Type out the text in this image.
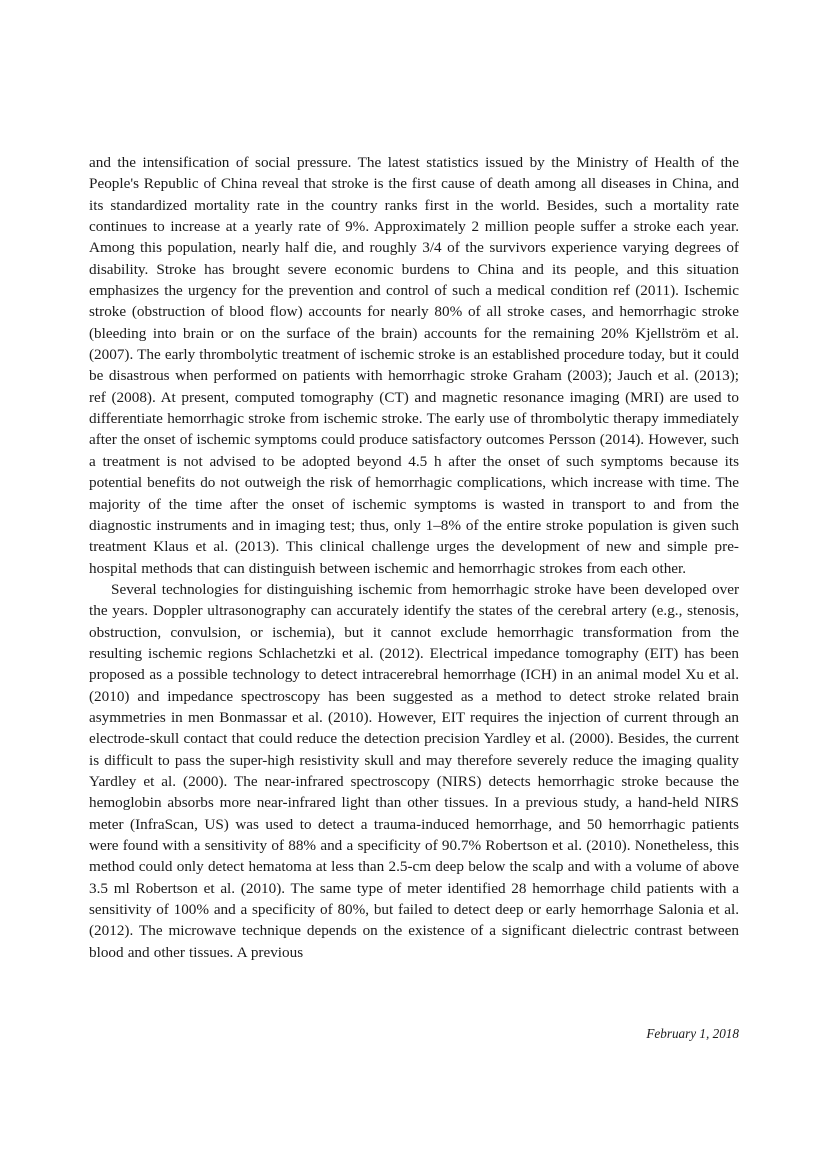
and the intensification of social pressure. The latest statistics issued by the Ministry of Health of the People's Republic of China reveal that stroke is the first cause of death among all diseases in China, and its standardized mortality rate in the country ranks first in the world. Besides, such a mortality rate continues to increase at a yearly rate of 9%. Approximately 2 million people suffer a stroke each year. Among this population, nearly half die, and roughly 3/4 of the survivors experience varying degrees of disability. Stroke has brought severe economic burdens to China and its people, and this situation emphasizes the urgency for the prevention and control of such a medical condition ref (2011). Ischemic stroke (obstruction of blood flow) accounts for nearly 80% of all stroke cases, and hemorrhagic stroke (bleeding into brain or on the surface of the brain) accounts for the remaining 20% Kjellström et al. (2007). The early thrombolytic treatment of ischemic stroke is an established procedure today, but it could be disastrous when performed on patients with hemorrhagic stroke Graham (2003); Jauch et al. (2013); ref (2008). At present, computed tomography (CT) and magnetic resonance imaging (MRI) are used to differentiate hemorrhagic stroke from ischemic stroke. The early use of thrombolytic therapy immediately after the onset of ischemic symptoms could produce satisfactory outcomes Persson (2014). However, such a treatment is not advised to be adopted beyond 4.5 h after the onset of such symptoms because its potential benefits do not outweigh the risk of hemorrhagic complications, which increase with time. The majority of the time after the onset of ischemic symptoms is wasted in transport to and from the diagnostic instruments and in imaging test; thus, only 1–8% of the entire stroke population is given such treatment Klaus et al. (2013). This clinical challenge urges the development of new and simple pre-hospital methods that can distinguish between ischemic and hemorrhagic strokes from each other.

Several technologies for distinguishing ischemic from hemorrhagic stroke have been developed over the years. Doppler ultrasonography can accurately identify the states of the cerebral artery (e.g., stenosis, obstruction, convulsion, or ischemia), but it cannot exclude hemorrhagic transformation from the resulting ischemic regions Schlachetzki et al. (2012). Electrical impedance tomography (EIT) has been proposed as a possible technology to detect intracerebral hemorrhage (ICH) in an animal model Xu et al. (2010) and impedance spectroscopy has been suggested as a method to detect stroke related brain asymmetries in men Bonmassar et al. (2010). However, EIT requires the injection of current through an electrode-skull contact that could reduce the detection precision Yardley et al. (2000). Besides, the current is difficult to pass the super-high resistivity skull and may therefore severely reduce the imaging quality Yardley et al. (2000). The near-infrared spectroscopy (NIRS) detects hemorrhagic stroke because the hemoglobin absorbs more near-infrared light than other tissues. In a previous study, a hand-held NIRS meter (InfraScan, US) was used to detect a trauma-induced hemorrhage, and 50 hemorrhagic patients were found with a sensitivity of 88% and a specificity of 90.7% Robertson et al. (2010). Nonetheless, this method could only detect hematoma at less than 2.5-cm deep below the scalp and with a volume of above 3.5 ml Robertson et al. (2010). The same type of meter identified 28 hemorrhage child patients with a sensitivity of 100% and a specificity of 80%, but failed to detect deep or early hemorrhage Salonia et al. (2012). The microwave technique depends on the existence of a significant dielectric contrast between blood and other tissues. A previous

February 1, 2018
